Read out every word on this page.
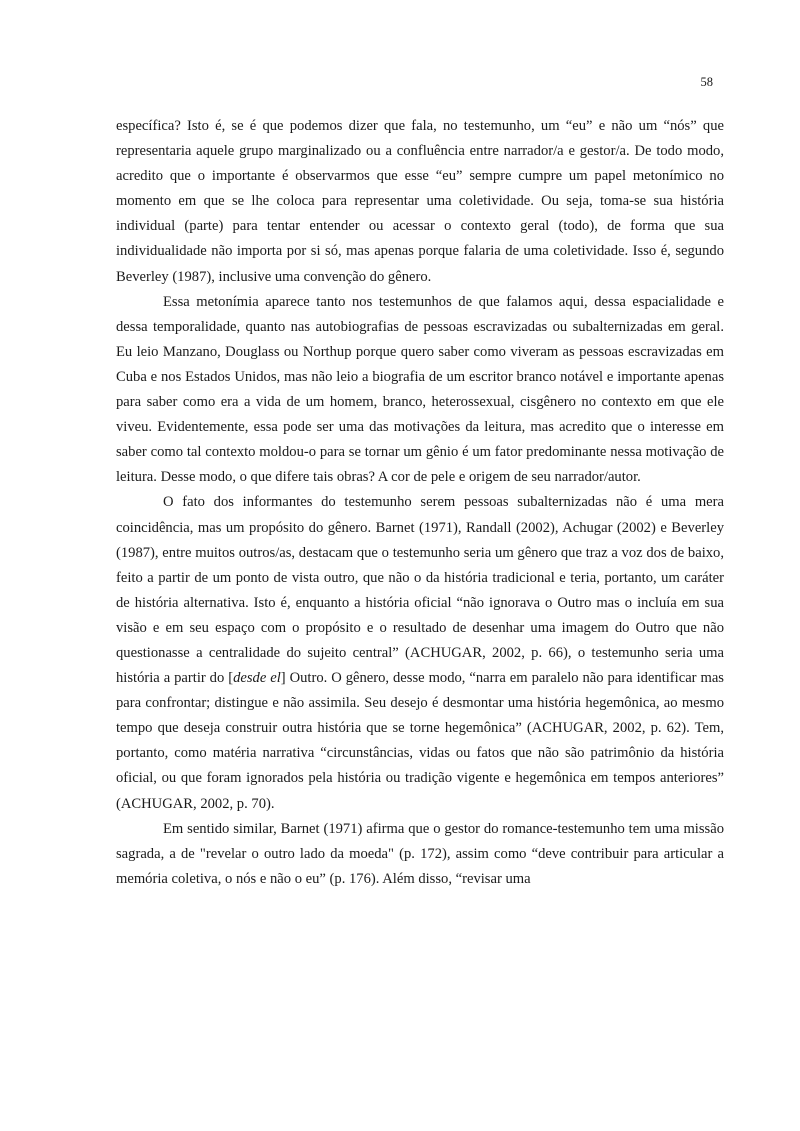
58

específica? Isto é, se é que podemos dizer que fala, no testemunho, um “eu” e não um “nós” que representaria aquele grupo marginalizado ou a confluência entre narrador/a e gestor/a. De todo modo, acredito que o importante é observarmos que esse “eu” sempre cumpre um papel metonímico no momento em que se lhe coloca para representar uma coletividade. Ou seja, toma-se sua história individual (parte) para tentar entender ou acessar o contexto geral (todo), de forma que sua individualidade não importa por si só, mas apenas porque falaria de uma coletividade. Isso é, segundo Beverley (1987), inclusive uma convenção do gênero.

Essa metonímia aparece tanto nos testemunhos de que falamos aqui, dessa espacialidade e dessa temporalidade, quanto nas autobiografias de pessoas escravizadas ou subalternizadas em geral. Eu leio Manzano, Douglass ou Northup porque quero saber como viveram as pessoas escravizadas em Cuba e nos Estados Unidos, mas não leio a biografia de um escritor branco notável e importante apenas para saber como era a vida de um homem, branco, heterossexual, cisgênero no contexto em que ele viveu. Evidentemente, essa pode ser uma das motivações da leitura, mas acredito que o interesse em saber como tal contexto moldou-o para se tornar um gênio é um fator predominante nessa motivação de leitura. Desse modo, o que difere tais obras? A cor de pele e origem de seu narrador/autor.

O fato dos informantes do testemunho serem pessoas subalternizadas não é uma mera coincidência, mas um propósito do gênero. Barnet (1971), Randall (2002), Achugar (2002) e Beverley (1987), entre muitos outros/as, destacam que o testemunho seria um gênero que traz a voz dos de baixo, feito a partir de um ponto de vista outro, que não o da história tradicional e teria, portanto, um caráter de história alternativa. Isto é, enquanto a história oficial “não ignorava o Outro mas o incluía em sua visão e em seu espaço com o propósito e o resultado de desenhar uma imagem do Outro que não questionasse a centralidade do sujeito central” (ACHUGAR, 2002, p. 66), o testemunho seria uma história a partir do [desde el] Outro. O gênero, desse modo, “narra em paralelo não para identificar mas para confrontar; distingue e não assimila. Seu desejo é desmontar uma história hegemônica, ao mesmo tempo que deseja construir outra história que se torne hegemônica” (ACHUGAR, 2002, p. 62). Tem, portanto, como matéria narrativa “circunstâncias, vidas ou fatos que não são patrimônio da história oficial, ou que foram ignorados pela história ou tradição vigente e hegemônica em tempos anteriores” (ACHUGAR, 2002, p. 70).

Em sentido similar, Barnet (1971) afirma que o gestor do romance-testemunho tem uma missão sagrada, a de "revelar o outro lado da moeda" (p. 172), assim como “deve contribuir para articular a memória coletiva, o nós e não o eu” (p. 176). Além disso, “revisar uma
